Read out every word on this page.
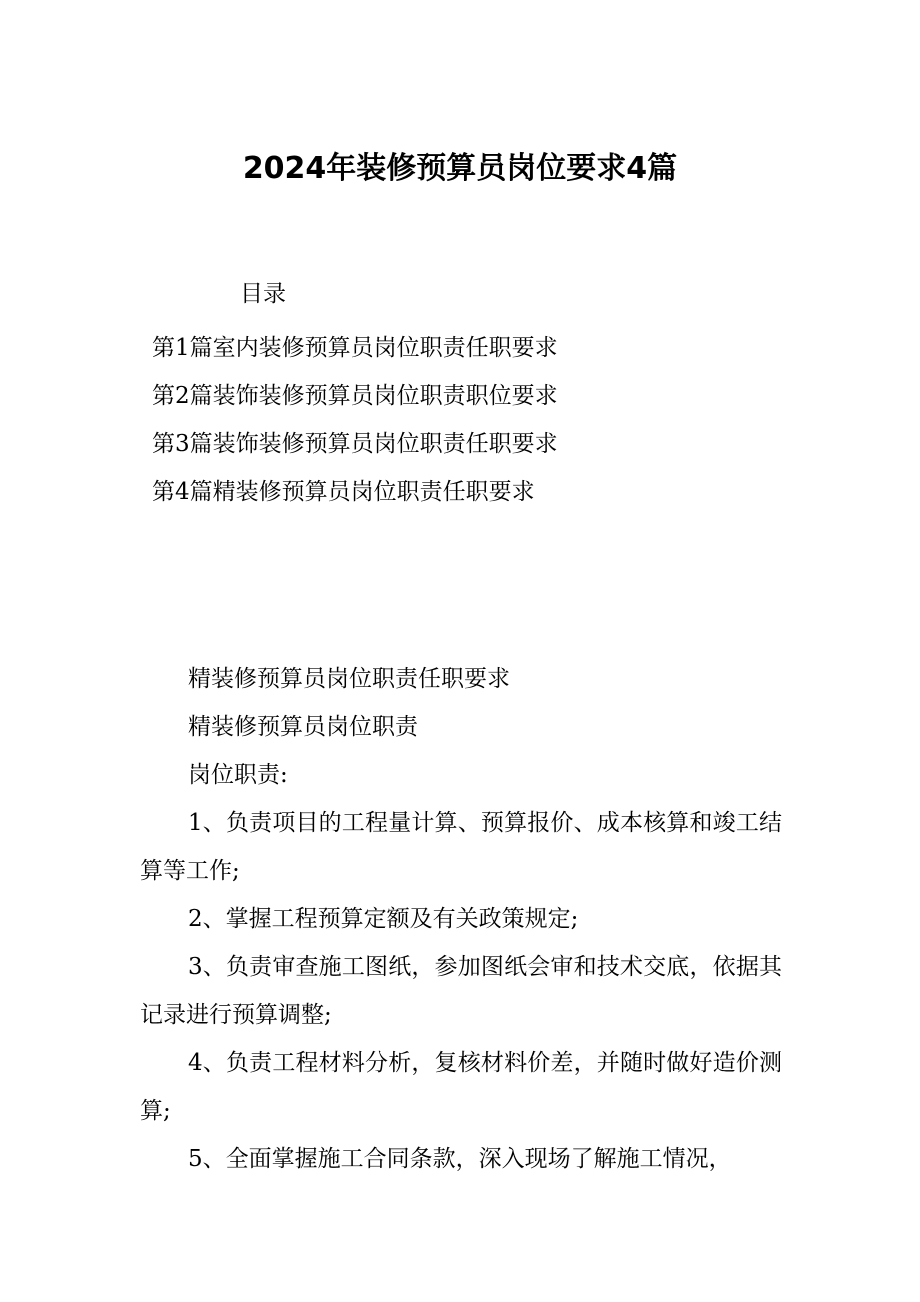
2024年装修预算员岗位要求4篇
目录
第1篇室内装修预算员岗位职责任职要求
第2篇装饰装修预算员岗位职责职位要求
第3篇装饰装修预算员岗位职责任职要求
第4篇精装修预算员岗位职责任职要求

精装修预算员岗位职责任职要求

精装修预算员岗位职责

岗位职责:

1、负责项目的工程量计算、预算报价、成本核算和竣工结算等工作;

2、掌握工程预算定额及有关政策规定;

3、负责审查施工图纸，参加图纸会审和技术交底，依据其记录进行预算调整;

4、负责工程材料分析，复核材料价差，并随时做好造价测算;

5、全面掌握施工合同条款，深入现场了解施工情况，
